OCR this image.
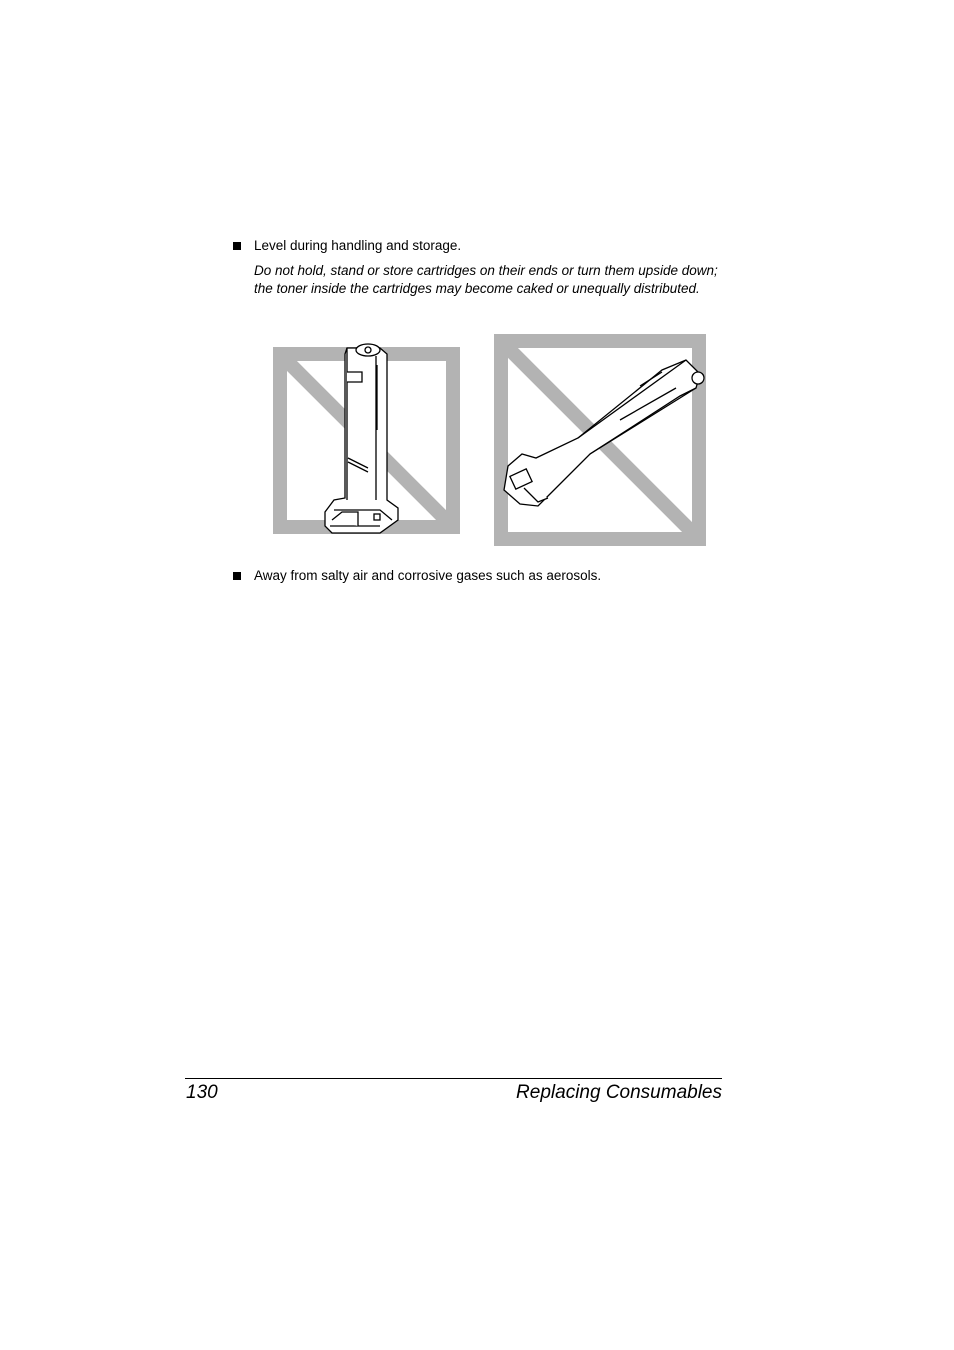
Level during handling and storage.
Do not hold, stand or store cartridges on their ends or turn them upside down; the toner inside the cartridges may become caked or unequally distributed.
Away from salty air and corrosive gases such as aerosols.
130	Replacing Consumables
